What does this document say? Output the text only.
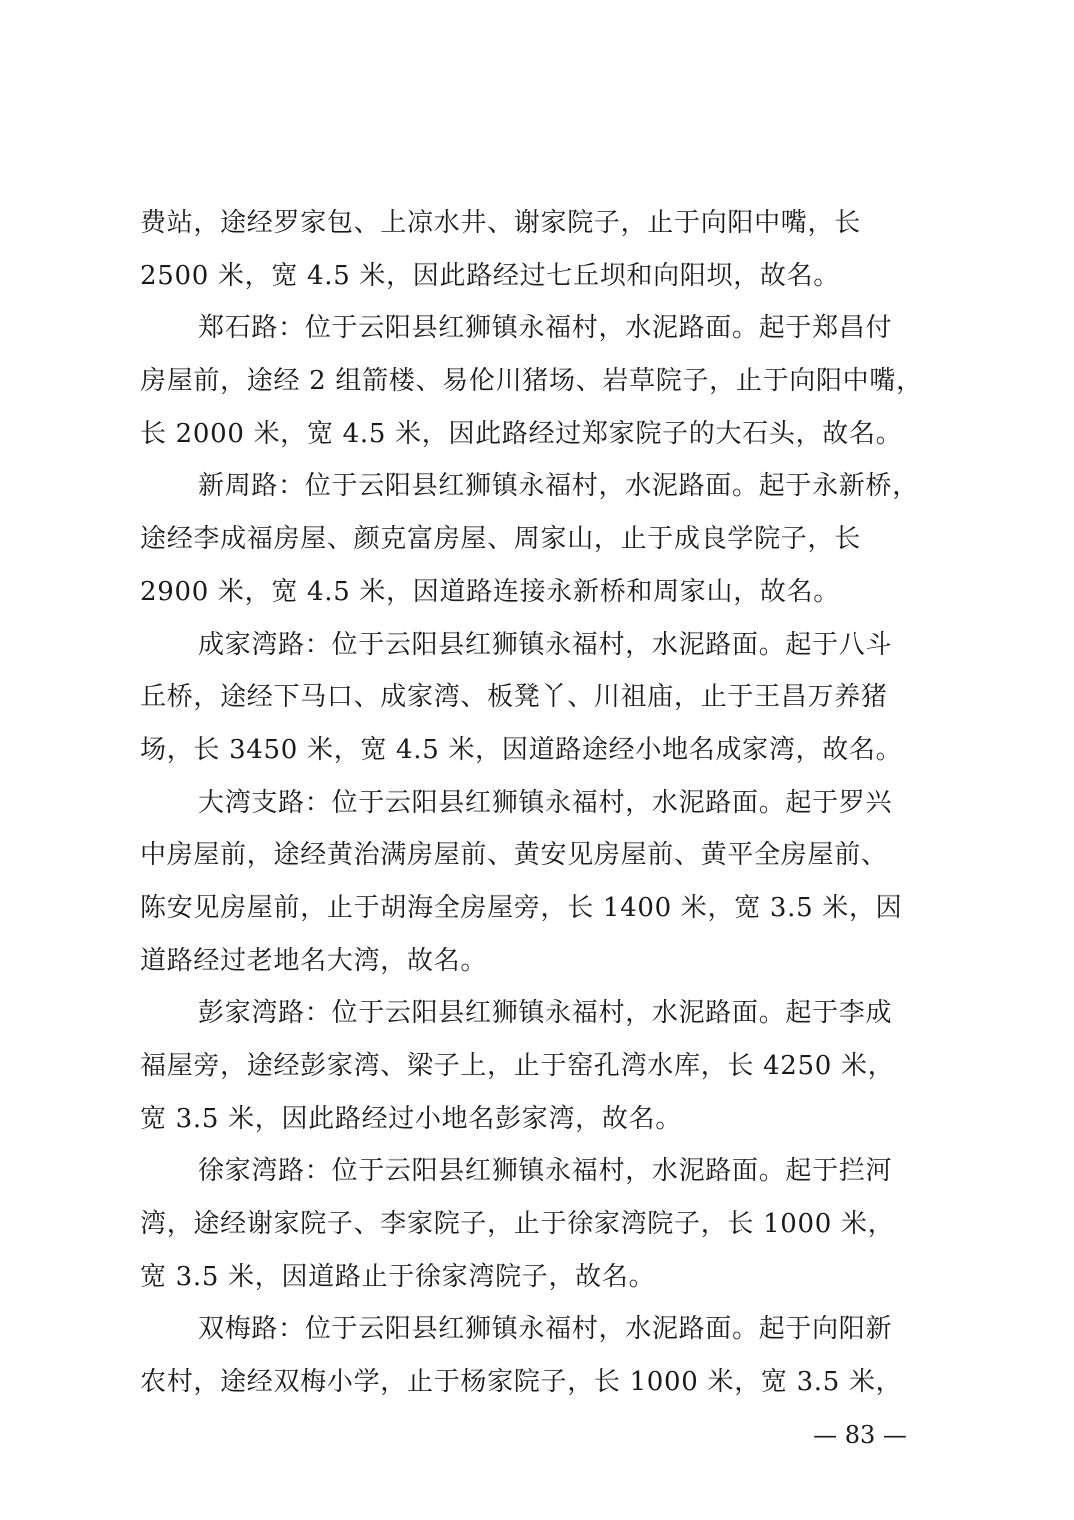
费站，途经罗家包、上凉水井、谢家院子，止于向阳中嘴，长
2500 米，宽 4.5 米，因此路经过七丘坝和向阳坝，故名。
郑石路：位于云阳县红狮镇永福村，水泥路面。起于郑昌付
房屋前，途经 2 组箭楼、易伦川猪场、岩草院子，止于向阳中嘴，
长 2000 米，宽 4.5 米，因此路经过郑家院子的大石头，故名。
新周路：位于云阳县红狮镇永福村，水泥路面。起于永新桥，
途经李成福房屋、颜克富房屋、周家山，止于成良学院子，长
2900 米，宽 4.5 米，因道路连接永新桥和周家山，故名。
成家湾路：位于云阳县红狮镇永福村，水泥路面。起于八斗
丘桥，途经下马口、成家湾、板凳丫、川祖庙，止于王昌万养猪
场，长 3450 米，宽 4.5 米，因道路途经小地名成家湾，故名。
大湾支路：位于云阳县红狮镇永福村，水泥路面。起于罗兴
中房屋前，途经黄治满房屋前、黄安见房屋前、黄平全房屋前、
陈安见房屋前，止于胡海全房屋旁，长 1400 米，宽 3.5 米，因
道路经过老地名大湾，故名。
彭家湾路：位于云阳县红狮镇永福村，水泥路面。起于李成
福屋旁，途经彭家湾、梁子上，止于窑孔湾水库，长 4250 米，
宽 3.5 米，因此路经过小地名彭家湾，故名。
徐家湾路：位于云阳县红狮镇永福村，水泥路面。起于拦河
湾，途经谢家院子、李家院子，止于徐家湾院子，长 1000 米，
宽 3.5 米，因道路止于徐家湾院子，故名。
双梅路：位于云阳县红狮镇永福村，水泥路面。起于向阳新
农村，途经双梅小学，止于杨家院子，长 1000 米，宽 3.5 米，
— 83 —
